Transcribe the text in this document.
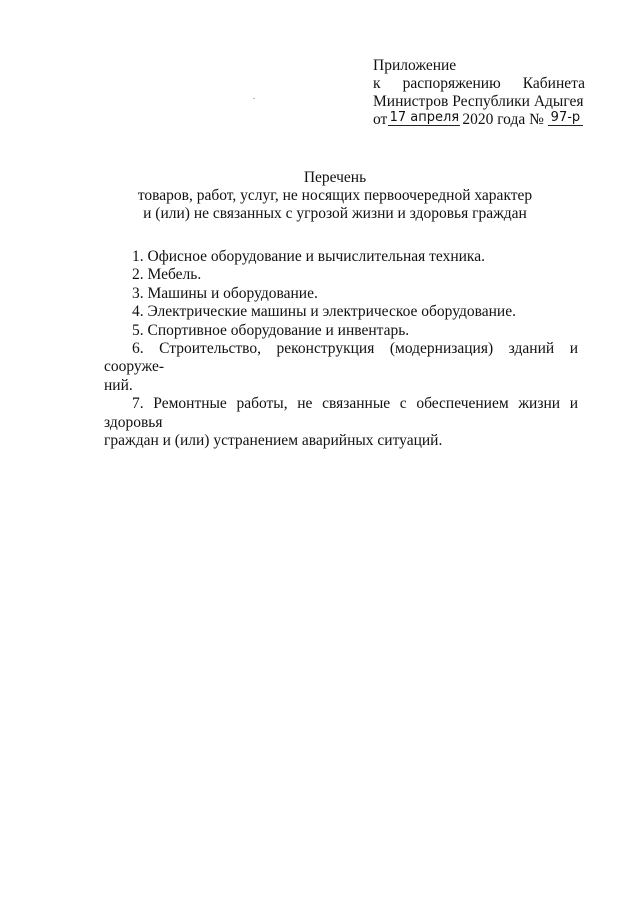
Приложение
к распоряжению Кабинета
Министров Республики Адыгея
от 17 апреля 2020 года № 97-р
Перечень
товаров, работ, услуг, не носящих первоочередной характер
и (или) не связанных с угрозой жизни и здоровья граждан

1. Офисное оборудование и вычислительная техника.

2. Мебель.

3. Машины и оборудование.

4. Электрические машины и электрическое оборудование.

5. Спортивное оборудование и инвентарь.

6. Строительство, реконструкция (модернизация) зданий и сооруже-

ний.

7. Ремонтные работы, не связанные с обеспечением жизни и здоровья

граждан и (или) устранением аварийных ситуаций.
